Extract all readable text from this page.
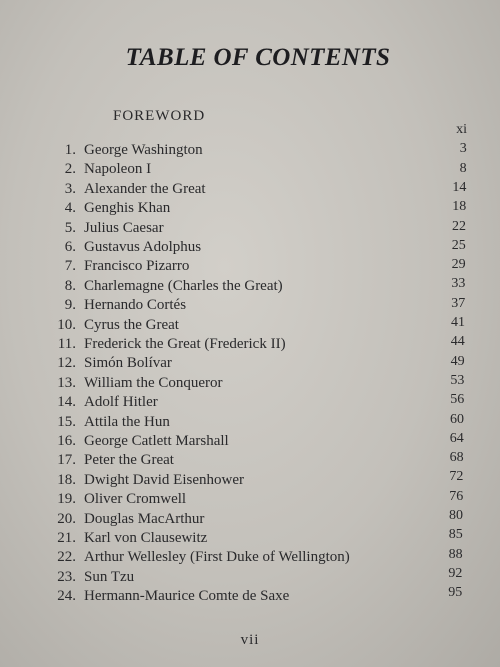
TABLE OF CONTENTS
FOREWORD
1. George Washington
2. Napoleon I
3. Alexander the Great
4. Genghis Khan
5. Julius Caesar
6. Gustavus Adolphus
7. Francisco Pizarro
8. Charlemagne (Charles the Great)
9. Hernando Cortés
10. Cyrus the Great
11. Frederick the Great (Frederick II)
12. Simón Bolívar
13. William the Conqueror
14. Adolf Hitler
15. Attila the Hun
16. George Catlett Marshall
17. Peter the Great
18. Dwight David Eisenhower
19. Oliver Cromwell
20. Douglas MacArthur
21. Karl von Clausewitz
22. Arthur Wellesley (First Duke of Wellington)
23. Sun Tzu
24. Hermann-Maurice Comte de Saxe
xi
3
8
14
18
22
25
29
33
37
41
44
49
53
56
60
64
68
72
76
80
85
88
92
95
vii
